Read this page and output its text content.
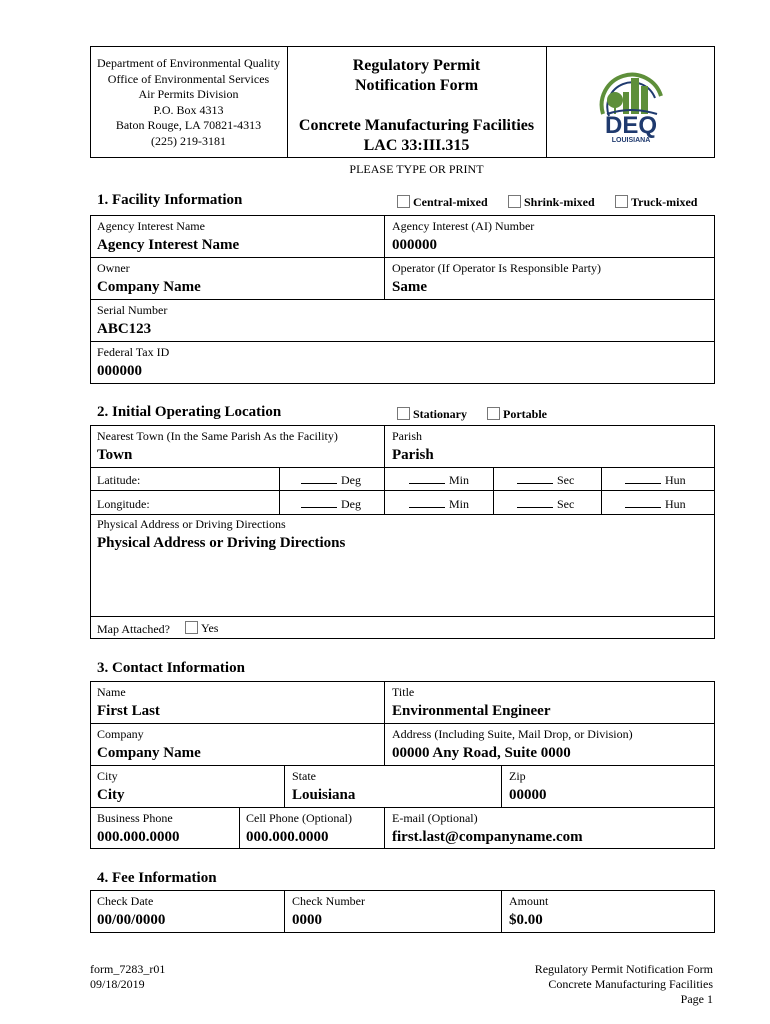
Department of Environmental Quality
Office of Environmental Services
Air Permits Division
P.O. Box 4313
Baton Rouge, LA 70821-4313
(225) 219-3181
Regulatory Permit
Notification Form
Concrete Manufacturing Facilities
LAC 33:III.315
DEQ
LOUISIANA
PLEASE TYPE OR PRINT
1. Facility Information	Central-mixed	Shrink-mixed	Truck-mixed
Agency Interest Name
Agency Interest Name
Agency Interest (AI) Number
000000
Owner
Company Name
Operator (If Operator Is Responsible Party)
Same
Serial Number
ABC123
Federal Tax ID
000000
2. Initial Operating Location	Stationary	Portable
Nearest Town (In the Same Parish As the Facility)
Town
Parish
Parish
Latitude:	Deg	Min	Sec	Hun
Longitude:	Deg	Min	Sec	Hun
Physical Address or Driving Directions
Physical Address or Driving Directions
Map Attached?	Yes
3. Contact Information
Name
First Last
Title
Environmental Engineer
Company
Company Name
Address (Including Suite, Mail Drop, or Division)
00000 Any Road, Suite 0000
City
City
State
Louisiana
Zip
00000
Business Phone
000.000.0000
Cell Phone (Optional)
000.000.0000
E-mail (Optional)
first.last@companyname.com
4. Fee Information
Check Date
00/00/0000
Check Number
0000
Amount
$0.00
form_7283_r01
09/18/2019
Regulatory Permit Notification Form
Concrete Manufacturing Facilities
Page 1
